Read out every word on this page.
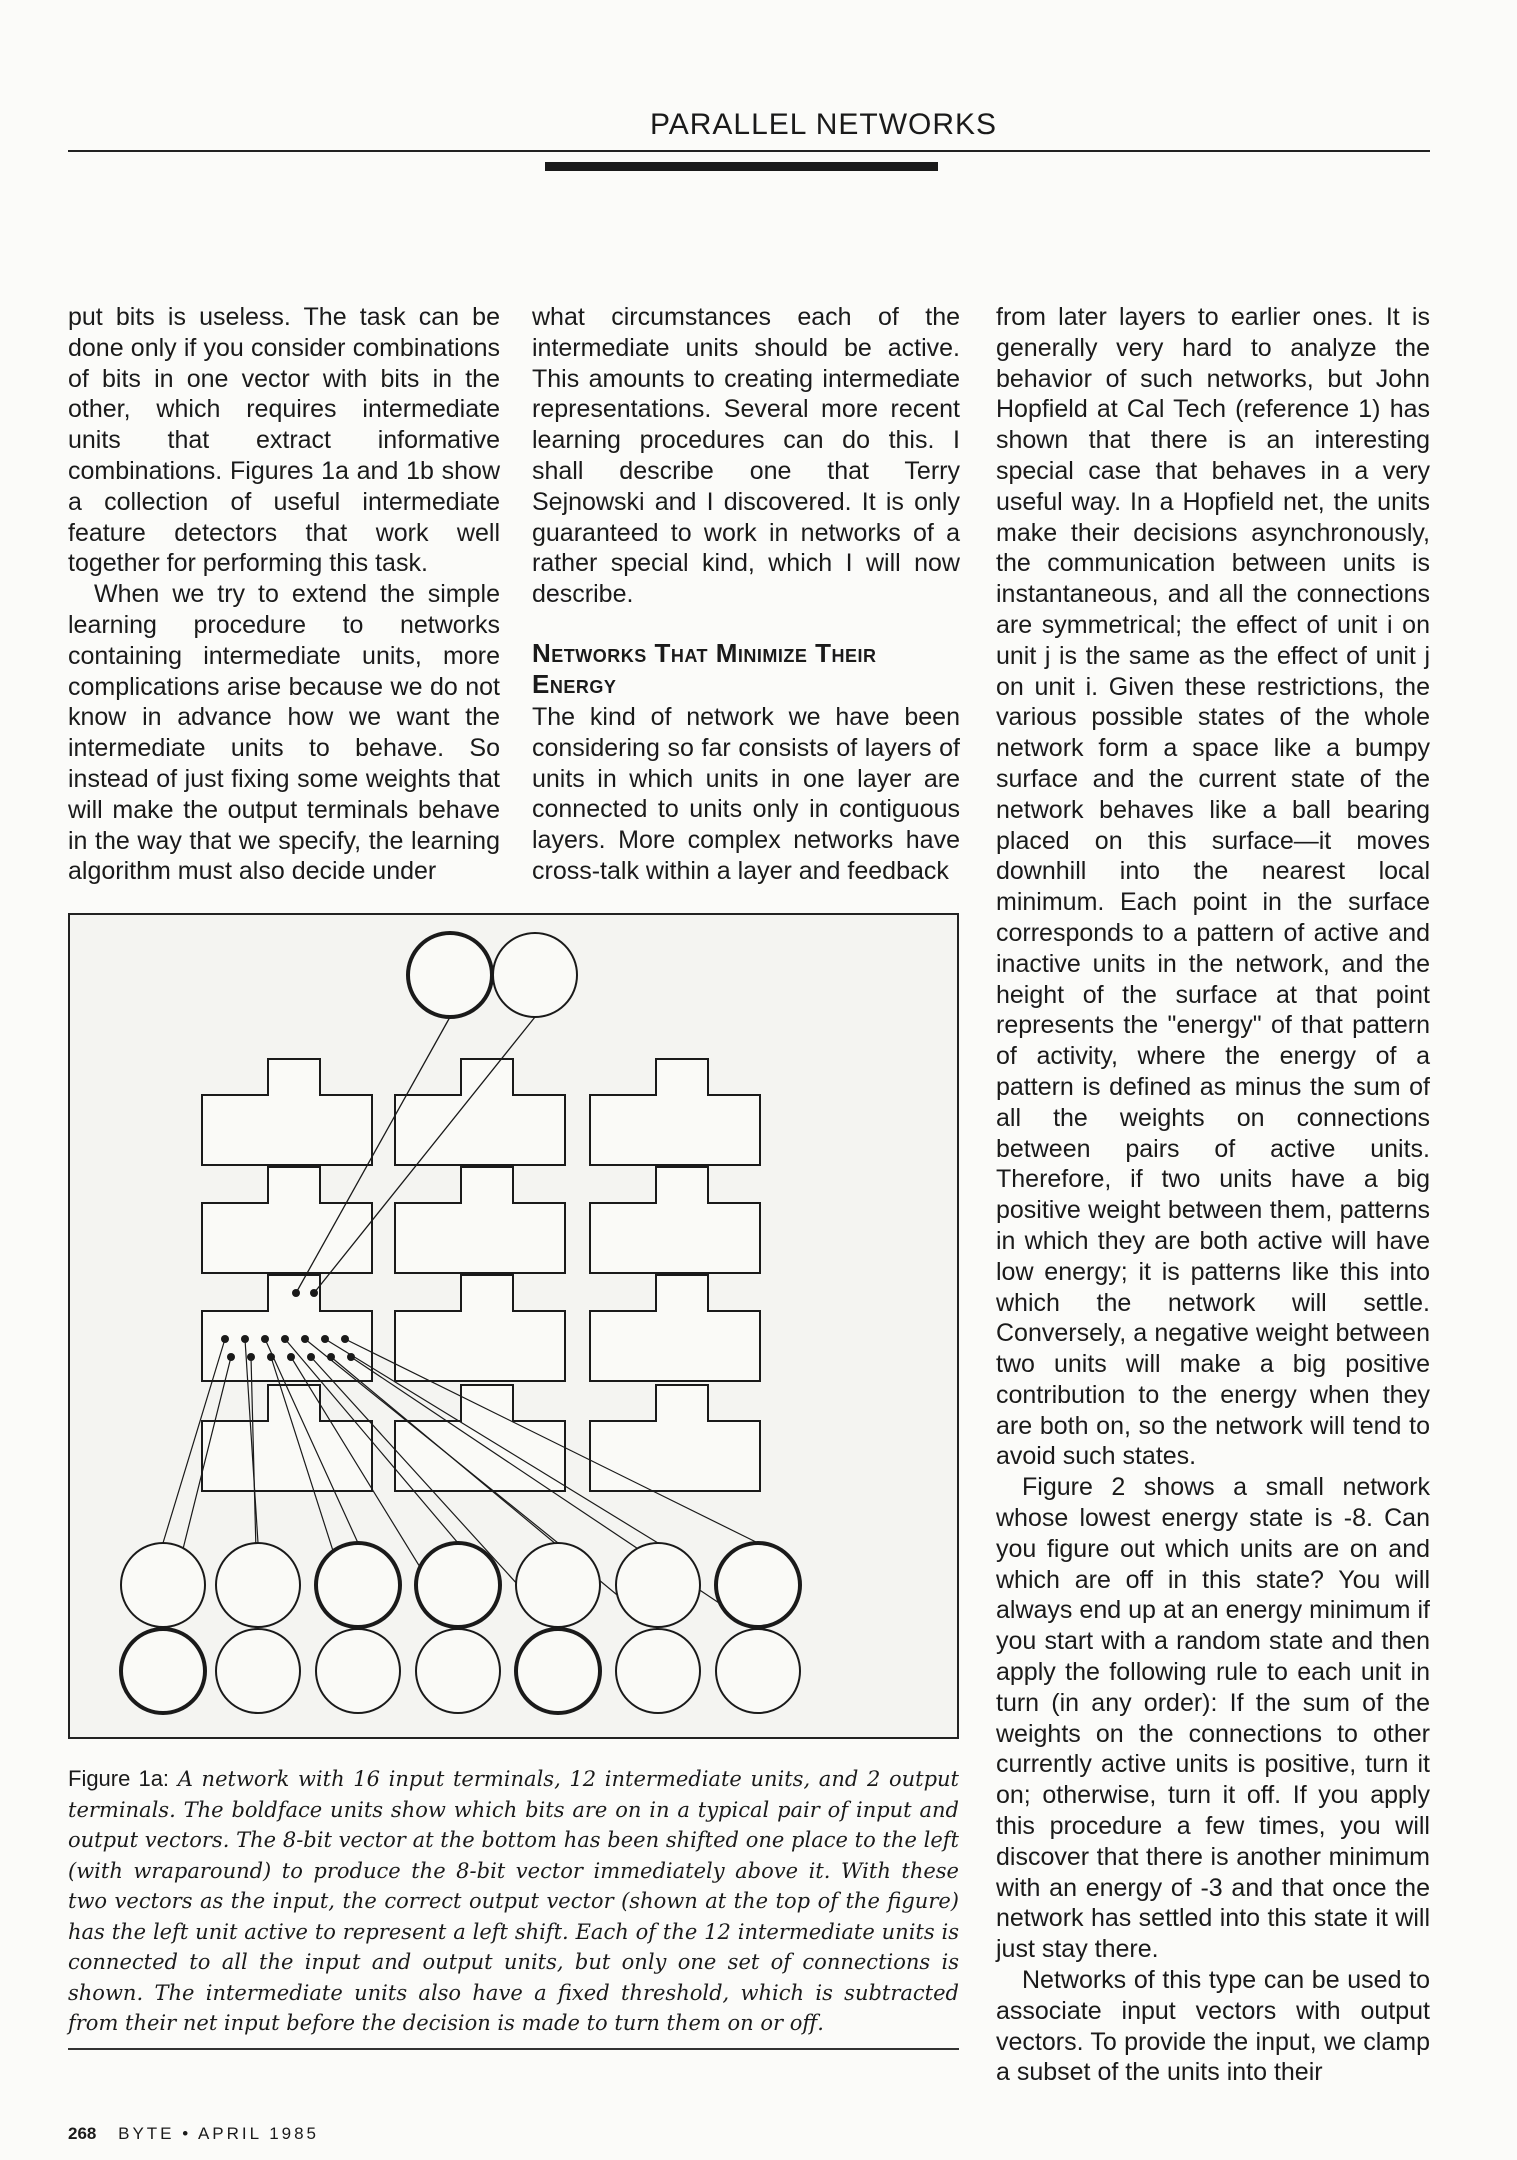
PARALLEL NETWORKS

put bits is useless. The task can be done only if you consider combinations of bits in one vector with bits in the other, which requires intermediate units that extract informative combinations. Figures 1a and 1b show a collection of useful intermediate feature detectors that work well together for performing this task.

When we try to extend the simple learning procedure to networks containing intermediate units, more complications arise because we do not know in advance how we want the intermediate units to behave. So instead of just fixing some weights that will make the output terminals behave in the way that we specify, the learning algorithm must also decide under

what circumstances each of the intermediate units should be active. This amounts to creating intermediate representations. Several more recent learning procedures can do this. I shall describe one that Terry Sejnowski and I discovered. It is only guaranteed to work in networks of a rather special kind, which I will now describe.

Networks That Minimize Their Energy

The kind of network we have been considering so far consists of layers of units in which units in one layer are connected to units only in contiguous layers. More complex networks have cross-talk within a layer and feedback

from later layers to earlier ones. It is generally very hard to analyze the behavior of such networks, but John Hopfield at Cal Tech (reference 1) has shown that there is an interesting special case that behaves in a very useful way. In a Hopfield net, the units make their decisions asynchronously, the communication between units is instantaneous, and all the connections are symmetrical; the effect of unit i on unit j is the same as the effect of unit j on unit i. Given these restrictions, the various possible states of the whole network form a space like a bumpy surface and the current state of the network behaves like a ball bearing placed on this surface—it moves downhill into the nearest local minimum. Each point in the surface corresponds to a pattern of active and inactive units in the network, and the height of the surface at that point represents the "energy" of that pattern of activity, where the energy of a pattern is defined as minus the sum of all the weights on connections between pairs of active units. Therefore, if two units have a big positive weight between them, patterns in which they are both active will have low energy; it is patterns like this into which the network will settle. Conversely, a negative weight between two units will make a big positive contribution to the energy when they are both on, so the network will tend to avoid such states.

Figure 2 shows a small network whose lowest energy state is -8. Can you figure out which units are on and which are off in this state? You will always end up at an energy minimum if you start with a random state and then apply the following rule to each unit in turn (in any order): If the sum of the weights on the connections to other currently active units is positive, turn it on; otherwise, turn it off. If you apply this procedure a few times, you will discover that there is another minimum with an energy of -3 and that once the network has settled into this state it will just stay there.

Networks of this type can be used to associate input vectors with output vectors. To provide the input, we clamp a subset of the units into their

Figure 1a: A network with 16 input terminals, 12 intermediate units, and 2 output terminals. The boldface units show which bits are on in a typical pair of input and output vectors. The 8-bit vector at the bottom has been shifted one place to the left (with wraparound) to produce the 8-bit vector immediately above it. With these two vectors as the input, the correct output vector (shown at the top of the figure) has the left unit active to represent a left shift. Each of the 12 intermediate units is connected to all the input and output units, but only one set of connections is shown. The intermediate units also have a fixed threshold, which is subtracted from their net input before the decision is made to turn them on or off.
268 BYTE • APRIL 1985
